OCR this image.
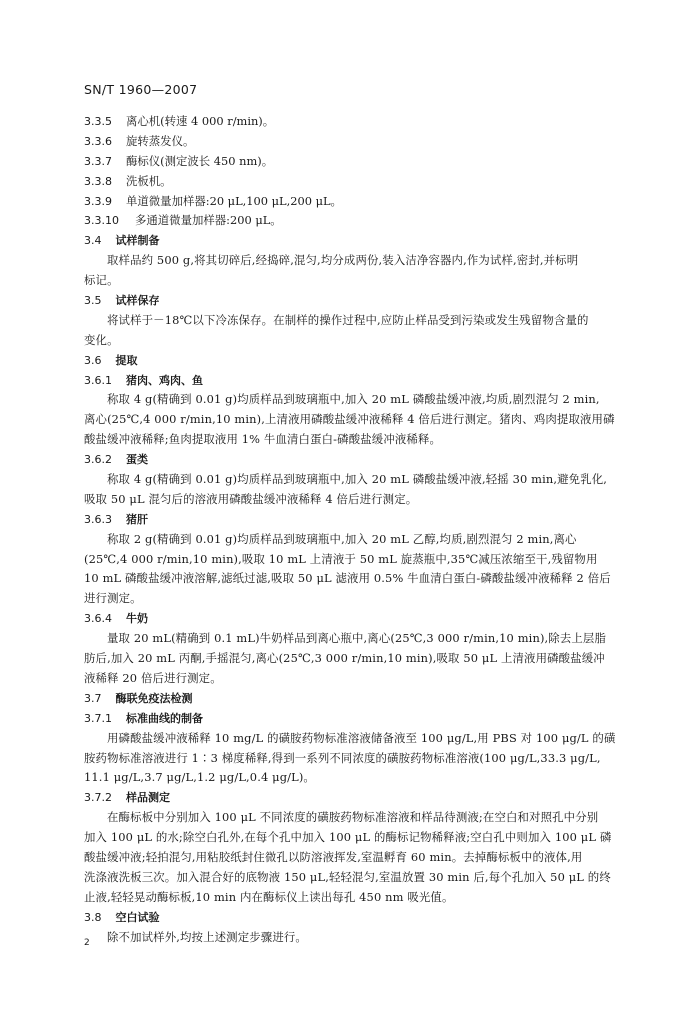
SN/T 1960—2007
3.3.5 离心机(转速 4 000 r/min)。
3.3.6 旋转蒸发仪。
3.3.7 酶标仪(测定波长 450 nm)。
3.3.8 洗板机。
3.3.9 单道微量加样器:20 μL,100 μL,200 μL。
3.3.10 多通道微量加样器:200 μL。
3.4 试样制备
取样品约 500 g,将其切碎后,经捣碎,混匀,均分成两份,装入洁净容器内,作为试样,密封,并标明
标记。
3.5 试样保存
将试样于－18℃以下冷冻保存。在制样的操作过程中,应防止样品受到污染或发生残留物含量的
变化。
3.6 提取
3.6.1 猪肉、鸡肉、鱼
称取 4 g(精确到 0.01 g)均质样品到玻璃瓶中,加入 20 mL 磷酸盐缓冲液,均质,剧烈混匀 2 min,
离心(25℃,4 000 r/min,10 min),上清液用磷酸盐缓冲液稀释 4 倍后进行测定。猪肉、鸡肉提取液用磷
酸盐缓冲液稀释;鱼肉提取液用 1% 牛血清白蛋白-磷酸盐缓冲液稀释。
3.6.2 蛋类
称取 4 g(精确到 0.01 g)均质样品到玻璃瓶中,加入 20 mL 磷酸盐缓冲液,轻摇 30 min,避免乳化,
吸取 50 μL 混匀后的溶液用磷酸盐缓冲液稀释 4 倍后进行测定。
3.6.3 猪肝
称取 2 g(精确到 0.01 g)均质样品到玻璃瓶中,加入 20 mL 乙醇,均质,剧烈混匀 2 min,离心
(25℃,4 000 r/min,10 min),吸取 10 mL 上清液于 50 mL 旋蒸瓶中,35℃减压浓缩至干,残留物用
10 mL 磷酸盐缓冲液溶解,滤纸过滤,吸取 50 μL 滤液用 0.5% 牛血清白蛋白-磷酸盐缓冲液稀释 2 倍后
进行测定。
3.6.4 牛奶
量取 20 mL(精确到 0.1 mL)牛奶样品到离心瓶中,离心(25℃,3 000 r/min,10 min),除去上层脂
肪后,加入 20 mL 丙酮,手摇混匀,离心(25℃,3 000 r/min,10 min),吸取 50 μL 上清液用磷酸盐缓冲
液稀释 20 倍后进行测定。
3.7 酶联免疫法检测
3.7.1 标准曲线的制备
用磷酸盐缓冲液稀释 10 mg/L 的磺胺药物标准溶液储备液至 100 μg/L,用 PBS 对 100 μg/L 的磺
胺药物标准溶液进行 1∶3 梯度稀释,得到一系列不同浓度的磺胺药物标准溶液(100 μg/L,33.3 μg/L,
11.1 μg/L,3.7 μg/L,1.2 μg/L,0.4 μg/L)。
3.7.2 样品测定
在酶标板中分别加入 100 μL 不同浓度的磺胺药物标准溶液和样品待测液;在空白和对照孔中分别
加入 100 μL 的水;除空白孔外,在每个孔中加入 100 μL 的酶标记物稀释液;空白孔中则加入 100 μL 磷
酸盐缓冲液;轻拍混匀,用粘胶纸封住微孔以防溶液挥发,室温孵育 60 min。去掉酶标板中的液体,用
洗涤液洗板三次。加入混合好的底物液 150 μL,轻轻混匀,室温放置 30 min 后,每个孔加入 50 μL 的终
止液,轻轻晃动酶标板,10 min 内在酶标仪上读出每孔 450 nm 吸光值。
3.8 空白试验
除不加试样外,均按上述测定步骤进行。
2
